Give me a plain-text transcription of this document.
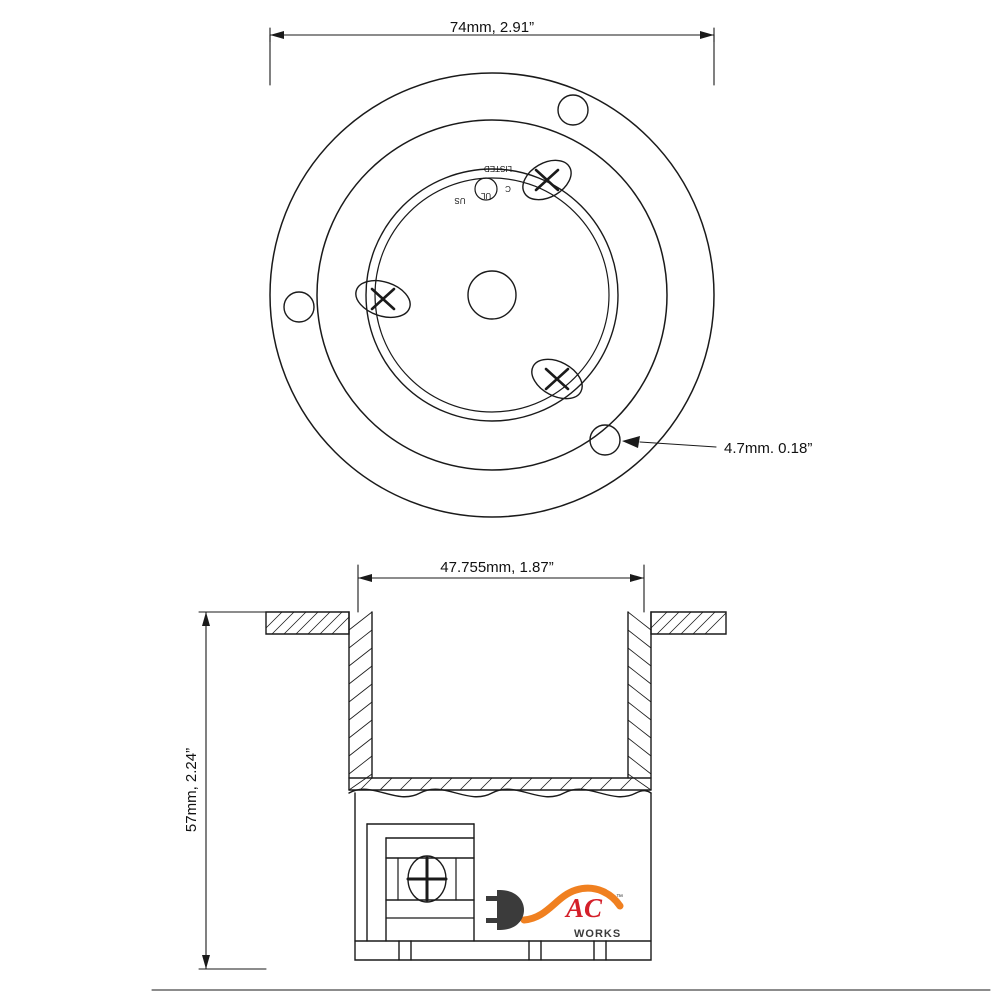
UL
US
C
LISTED
74mm, 2.91”
4.7mm. 0.18”
47.755mm, 1.87”
57mm, 2.24”
AC ™
WORKS
